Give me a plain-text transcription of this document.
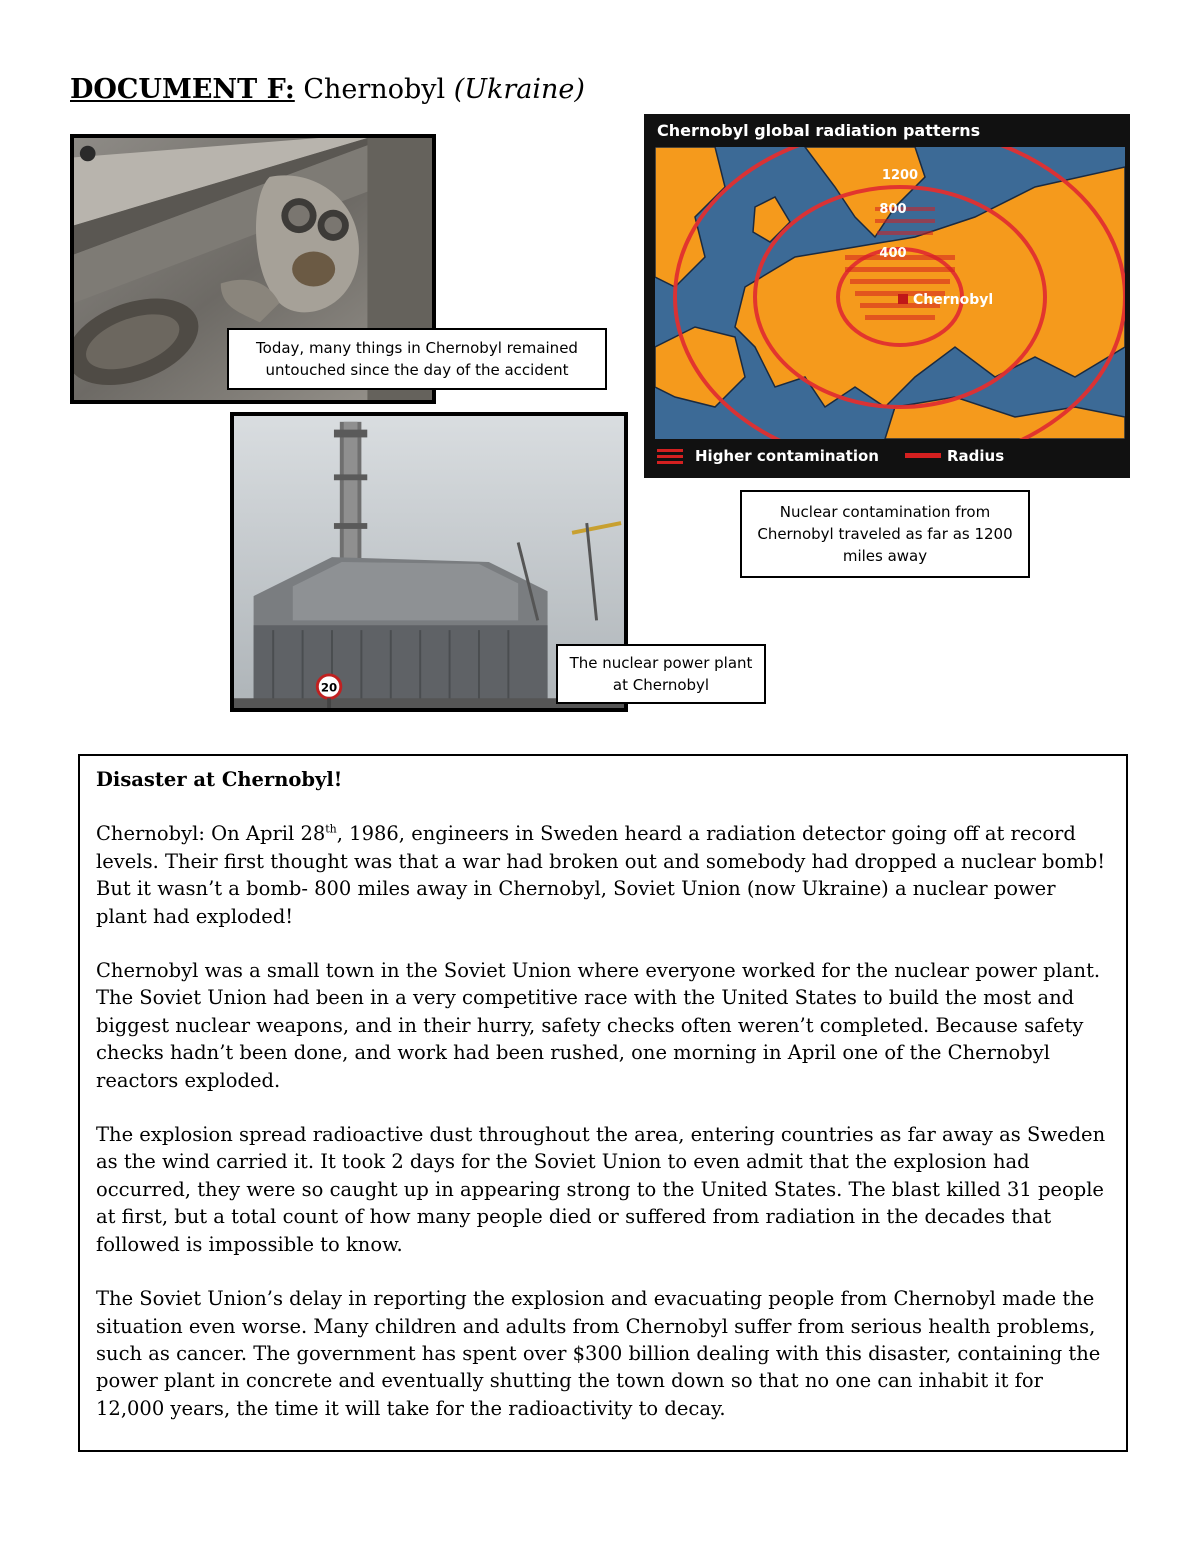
DOCUMENT F: Chernobyl (Ukraine)
Today, many things in Chernobyl remained untouched since the day of the accident
20
The nuclear power plant at Chernobyl
Chernobyl global radiation patterns
1200
800
400
Chernobyl
Higher contamination	Radius
Nuclear contamination from Chernobyl traveled as far as 1200 miles away
Disaster at Chernobyl!

Chernobyl: On April 28th, 1986, engineers in Sweden heard a radiation detector going off at record levels. Their first thought was that a war had broken out and somebody had dropped a nuclear bomb! But it wasn’t a bomb- 800 miles away in Chernobyl, Soviet Union (now Ukraine) a nuclear power plant had exploded!

Chernobyl was a small town in the Soviet Union where everyone worked for the nuclear power plant. The Soviet Union had been in a very competitive race with the United States to build the most and biggest nuclear weapons, and in their hurry, safety checks often weren’t completed. Because safety checks hadn’t been done, and work had been rushed, one morning in April one of the Chernobyl reactors exploded.

The explosion spread radioactive dust throughout the area, entering countries as far away as Sweden as the wind carried it. It took 2 days for the Soviet Union to even admit that the explosion had occurred, they were so caught up in appearing strong to the United States. The blast killed 31 people at first, but a total count of how many people died or suffered from radiation in the decades that followed is impossible to know.

The Soviet Union’s delay in reporting the explosion and evacuating people from Chernobyl made the situation even worse. Many children and adults from Chernobyl suffer from serious health problems, such as cancer. The government has spent over $300 billion dealing with this disaster, containing the power plant in concrete and eventually shutting the town down so that no one can inhabit it for 12,000 years, the time it will take for the radioactivity to decay.
